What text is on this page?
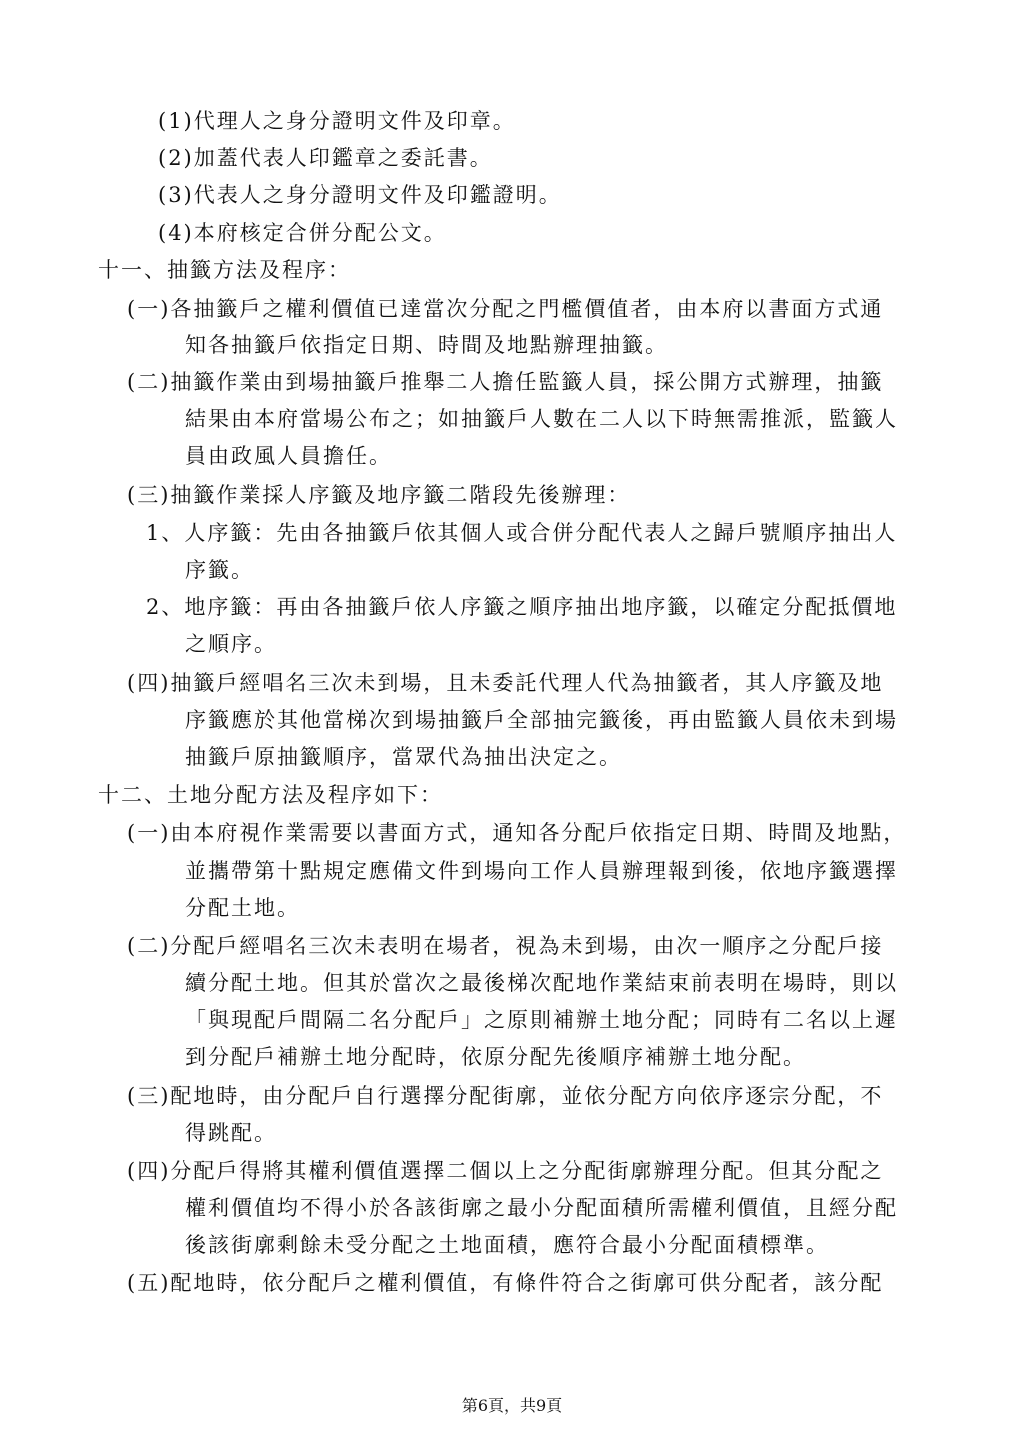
(1)代理人之身分證明文件及印章。
(2)加蓋代表人印鑑章之委託書。
(3)代表人之身分證明文件及印鑑證明。
(4)本府核定合併分配公文。
十一、抽籤方法及程序：
(一)各抽籤戶之權利價值已達當次分配之門檻價值者，由本府以書面方式通
知各抽籤戶依指定日期、時間及地點辦理抽籤。
(二)抽籤作業由到場抽籤戶推舉二人擔任監籤人員，採公開方式辦理，抽籤
結果由本府當場公布之；如抽籤戶人數在二人以下時無需推派，監籤人
員由政風人員擔任。
(三)抽籤作業採人序籤及地序籤二階段先後辦理：
1、人序籤：先由各抽籤戶依其個人或合併分配代表人之歸戶號順序抽出人
序籤。
2、地序籤：再由各抽籤戶依人序籤之順序抽出地序籤，以確定分配抵價地
之順序。
(四)抽籤戶經唱名三次未到場，且未委託代理人代為抽籤者，其人序籤及地
序籤應於其他當梯次到場抽籤戶全部抽完籤後，再由監籤人員依未到場
抽籤戶原抽籤順序，當眾代為抽出決定之。
十二、土地分配方法及程序如下：
(一)由本府視作業需要以書面方式，通知各分配戶依指定日期、時間及地點，
並攜帶第十點規定應備文件到場向工作人員辦理報到後，依地序籤選擇
分配土地。
(二)分配戶經唱名三次未表明在場者，視為未到場，由次一順序之分配戶接
續分配土地。但其於當次之最後梯次配地作業結束前表明在場時，則以
「與現配戶間隔二名分配戶」之原則補辦土地分配；同時有二名以上遲
到分配戶補辦土地分配時，依原分配先後順序補辦土地分配。
(三)配地時，由分配戶自行選擇分配街廓，並依分配方向依序逐宗分配，不
得跳配。
(四)分配戶得將其權利價值選擇二個以上之分配街廓辦理分配。但其分配之
權利價值均不得小於各該街廓之最小分配面積所需權利價值，且經分配
後該街廓剩餘未受分配之土地面積，應符合最小分配面積標準。
(五)配地時，依分配戶之權利價值，有條件符合之街廓可供分配者，該分配
第6頁，共9頁
